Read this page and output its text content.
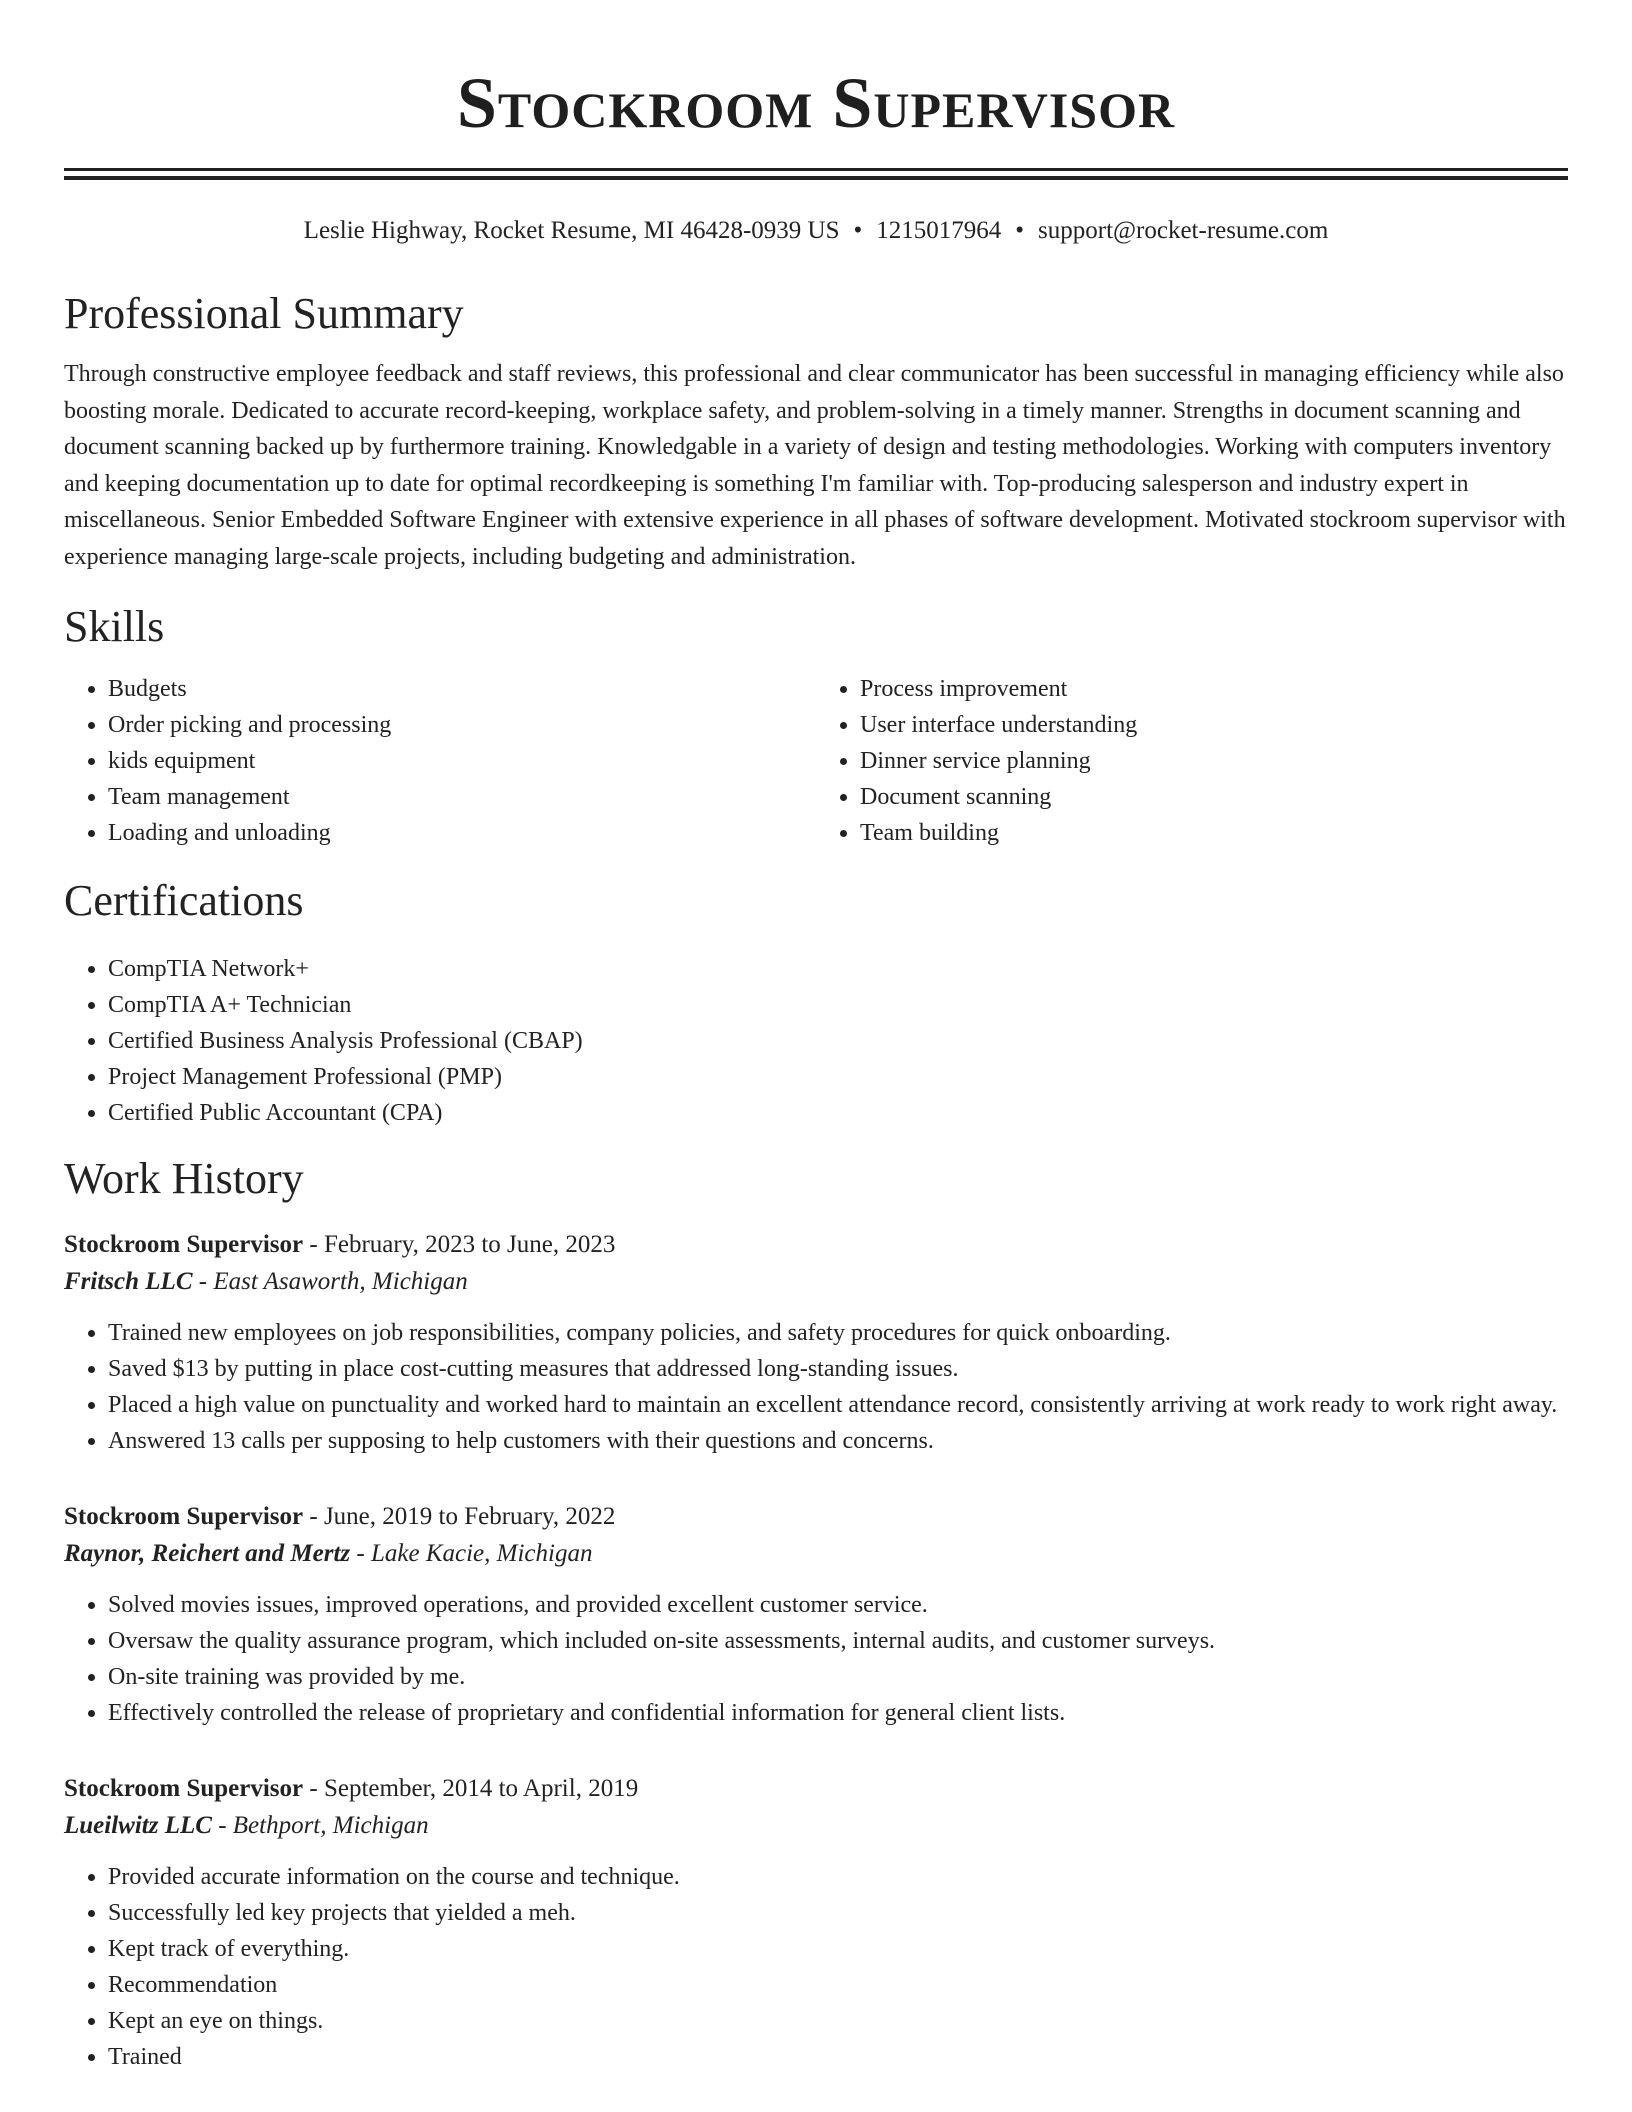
Stockroom Supervisor
Leslie Highway, Rocket Resume, MI 46428-0939 US • 1215017964 • support@rocket-resume.com
Professional Summary

Through constructive employee feedback and staff reviews, this professional and clear communicator has been successful in managing efficiency while also boosting morale. Dedicated to accurate record-keeping, workplace safety, and problem-solving in a timely manner. Strengths in document scanning and document scanning backed up by furthermore training. Knowledgable in a variety of design and testing methodologies. Working with computers inventory and keeping documentation up to date for optimal recordkeeping is something I'm familiar with. Top-producing salesperson and industry expert in miscellaneous. Senior Embedded Software Engineer with extensive experience in all phases of software development. Motivated stockroom supervisor with experience managing large-scale projects, including budgeting and administration.

Skills
• Budgets
• Order picking and processing
• kids equipment
• Team management
• Loading and unloading
• Process improvement
• User interface understanding
• Dinner service planning
• Document scanning
• Team building
Certifications
• CompTIA Network+
• CompTIA A+ Technician
• Certified Business Analysis Professional (CBAP)
• Project Management Professional (PMP)
• Certified Public Accountant (CPA)
Work History
Stockroom Supervisor - February, 2023 to June, 2023
Fritsch LLC - East Asaworth, Michigan
• Trained new employees on job responsibilities, company policies, and safety procedures for quick onboarding.
• Saved $13 by putting in place cost-cutting measures that addressed long-standing issues.
• Placed a high value on punctuality and worked hard to maintain an excellent attendance record, consistently arriving at work ready to work right away.
• Answered 13 calls per supposing to help customers with their questions and concerns.
Stockroom Supervisor - June, 2019 to February, 2022
Raynor, Reichert and Mertz - Lake Kacie, Michigan
• Solved movies issues, improved operations, and provided excellent customer service.
• Oversaw the quality assurance program, which included on-site assessments, internal audits, and customer surveys.
• On-site training was provided by me.
• Effectively controlled the release of proprietary and confidential information for general client lists.
Stockroom Supervisor - September, 2014 to April, 2019
Lueilwitz LLC - Bethport, Michigan
• Provided accurate information on the course and technique.
• Successfully led key projects that yielded a meh.
• Kept track of everything.
• Recommendation
• Kept an eye on things.
• Trained
